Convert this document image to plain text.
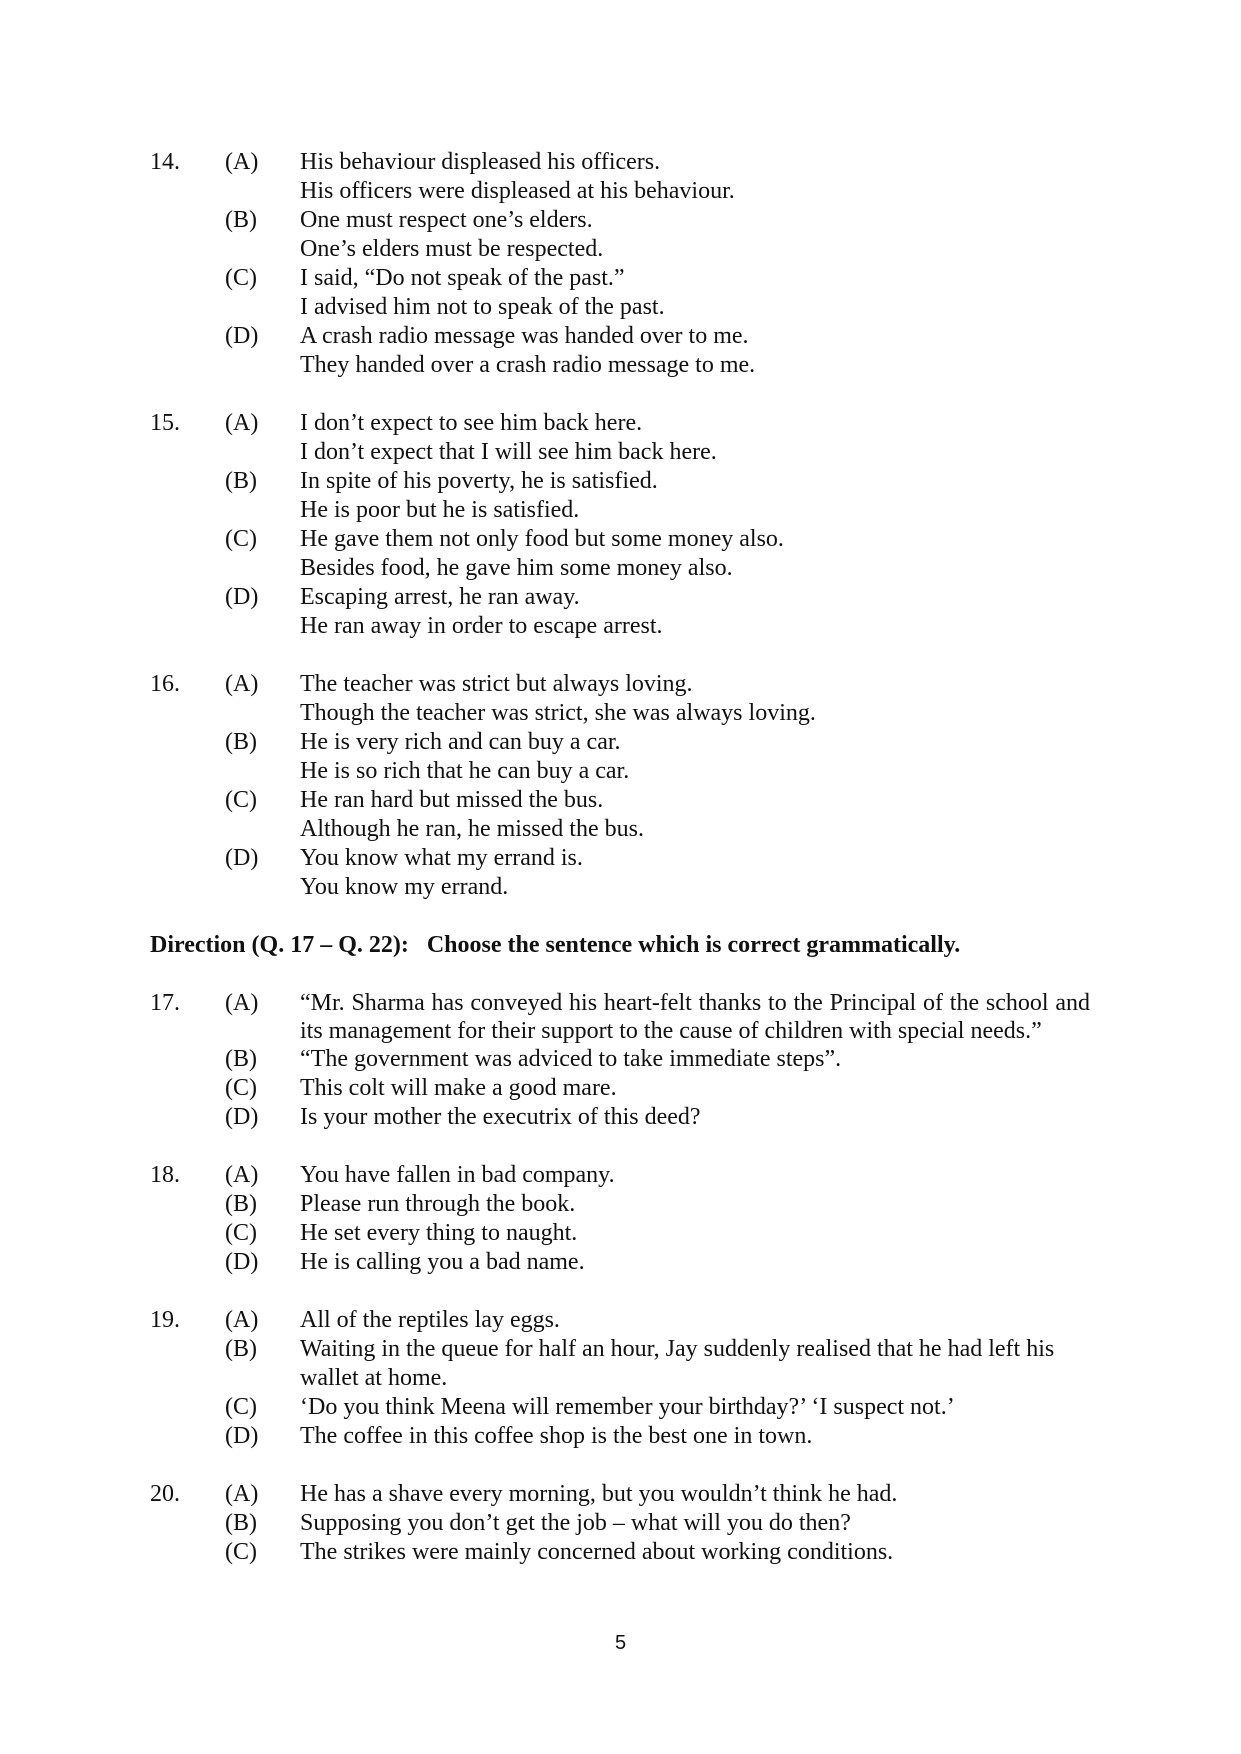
14.	(A)	His behaviour displeased his officers.
His officers were displeased at his behaviour.
(B)	One must respect one’s elders.
One’s elders must be respected.
(C)	I said, “Do not speak of the past.”
I advised him not to speak of the past.
(D)	A crash radio message was handed over to me.
They handed over a crash radio message to me.
15.	(A)	I don’t expect to see him back here.
I don’t expect that I will see him back here.
(B)	In spite of his poverty, he is satisfied.
He is poor but he is satisfied.
(C)	He gave them not only food but some money also.
Besides food, he gave him some money also.
(D)	Escaping arrest, he ran away.
He ran away in order to escape arrest.
16.	(A)	The teacher was strict but always loving.
Though the teacher was strict, she was always loving.
(B)	He is very rich and can buy a car.
He is so rich that he can buy a car.
(C)	He ran hard but missed the bus.
Although he ran, he missed the bus.
(D)	You know what my errand is.
You know my errand.
Direction (Q. 17 – Q. 22): Choose the sentence which is correct grammatically.
17.	(A)	“Mr. Sharma has conveyed his heart-felt thanks to the Principal of the school and its management for their support to the cause of children with special needs.”
(B)	“The government was adviced to take immediate steps”.
(C)	This colt will make a good mare.
(D)	Is your mother the executrix of this deed?
18.	(A)	You have fallen in bad company.
(B)	Please run through the book.
(C)	He set every thing to naught.
(D)	He is calling you a bad name.
19.	(A)	All of the reptiles lay eggs.
(B)	Waiting in the queue for half an hour, Jay suddenly realised that he had left his
wallet at home.
(C)	‘Do you think Meena will remember your birthday?’ ‘I suspect not.’
(D)	The coffee in this coffee shop is the best one in town.
20.	(A)	He has a shave every morning, but you wouldn’t think he had.
(B)	Supposing you don’t get the job – what will you do then?
(C)	The strikes were mainly concerned about working conditions.
5
